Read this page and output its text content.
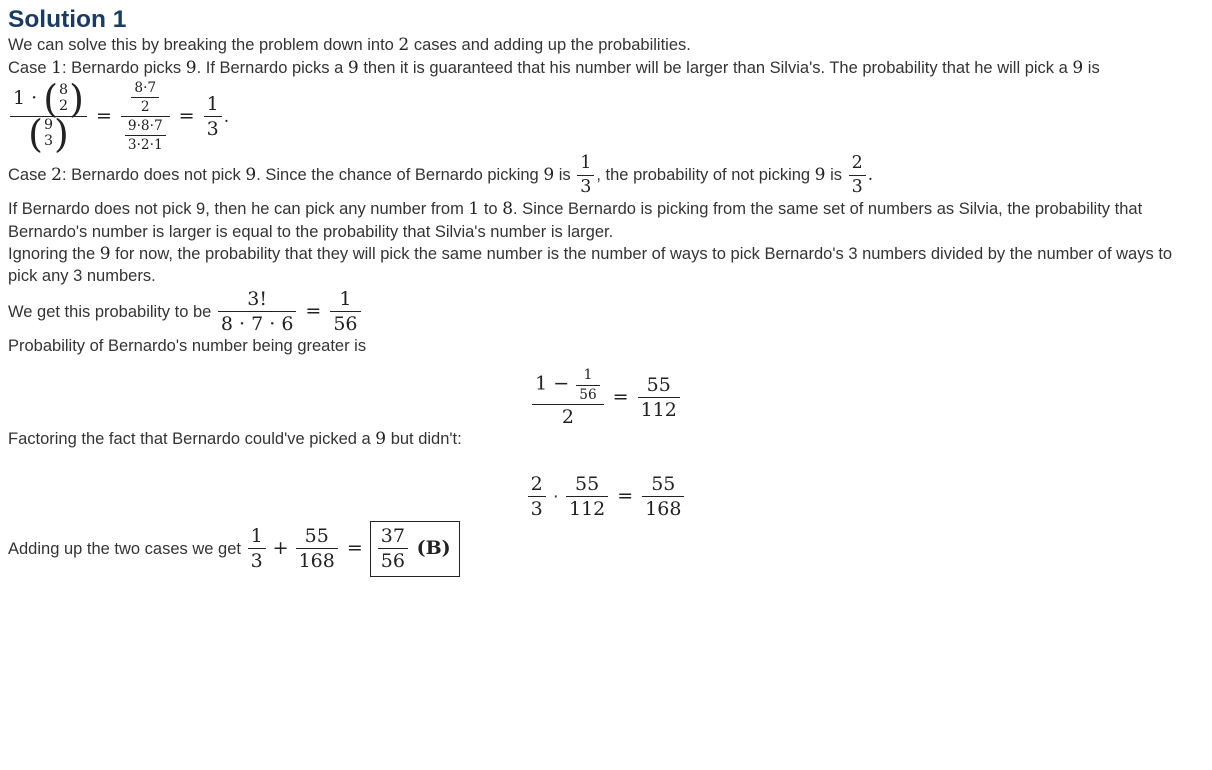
Solution 1

We can solve this by breaking the problem down into 2 cases and adding up the probabilities.

Case 1: Bernardo picks 9. If Bernardo picks a 9 then it is guaranteed that his number will be larger than Silvia's. The probability that he will pick a 9 is
1 · ( 8
2 )
( 9
3 ) = $\frac{\frac{8\cdot 7}{2}}{\frac{9\cdot 8\cdot 7}{3\cdot 2\cdot 1}} = \frac{1}{3}$ .

Case 2: Bernardo does not pick 9. Since the chance of Bernardo picking 9 is $\frac{1}{3}$ , the probability of not picking 9 is $\frac{2}{3}$ .

If Bernardo does not pick 9, then he can pick any number from 1 to 8. Since Bernardo is picking from the same set of numbers as Silvia, the probability that Bernardo's number is larger is equal to the probability that Silvia's number is larger.

Ignoring the 9 for now, the probability that they will pick the same number is the number of ways to pick Bernardo's 3 numbers divided by the number of ways to pick any 3 numbers.

We get this probability to be $\frac{3!}{8 \cdot 7 \cdot 6} = \frac{1}{56}$

Probability of Bernardo's number being greater is

$\frac{1 - \frac{1}{56}}{2} = \frac{55}{112}$

Factoring the fact that Bernardo could've picked a 9 but didn't:

$\frac{2}{3} \cdot \frac{55}{112} = \frac{55}{168}$

Adding up the two cases we get $\frac{1}{3} + \frac{55}{168} = \frac{37}{56} (B)$
